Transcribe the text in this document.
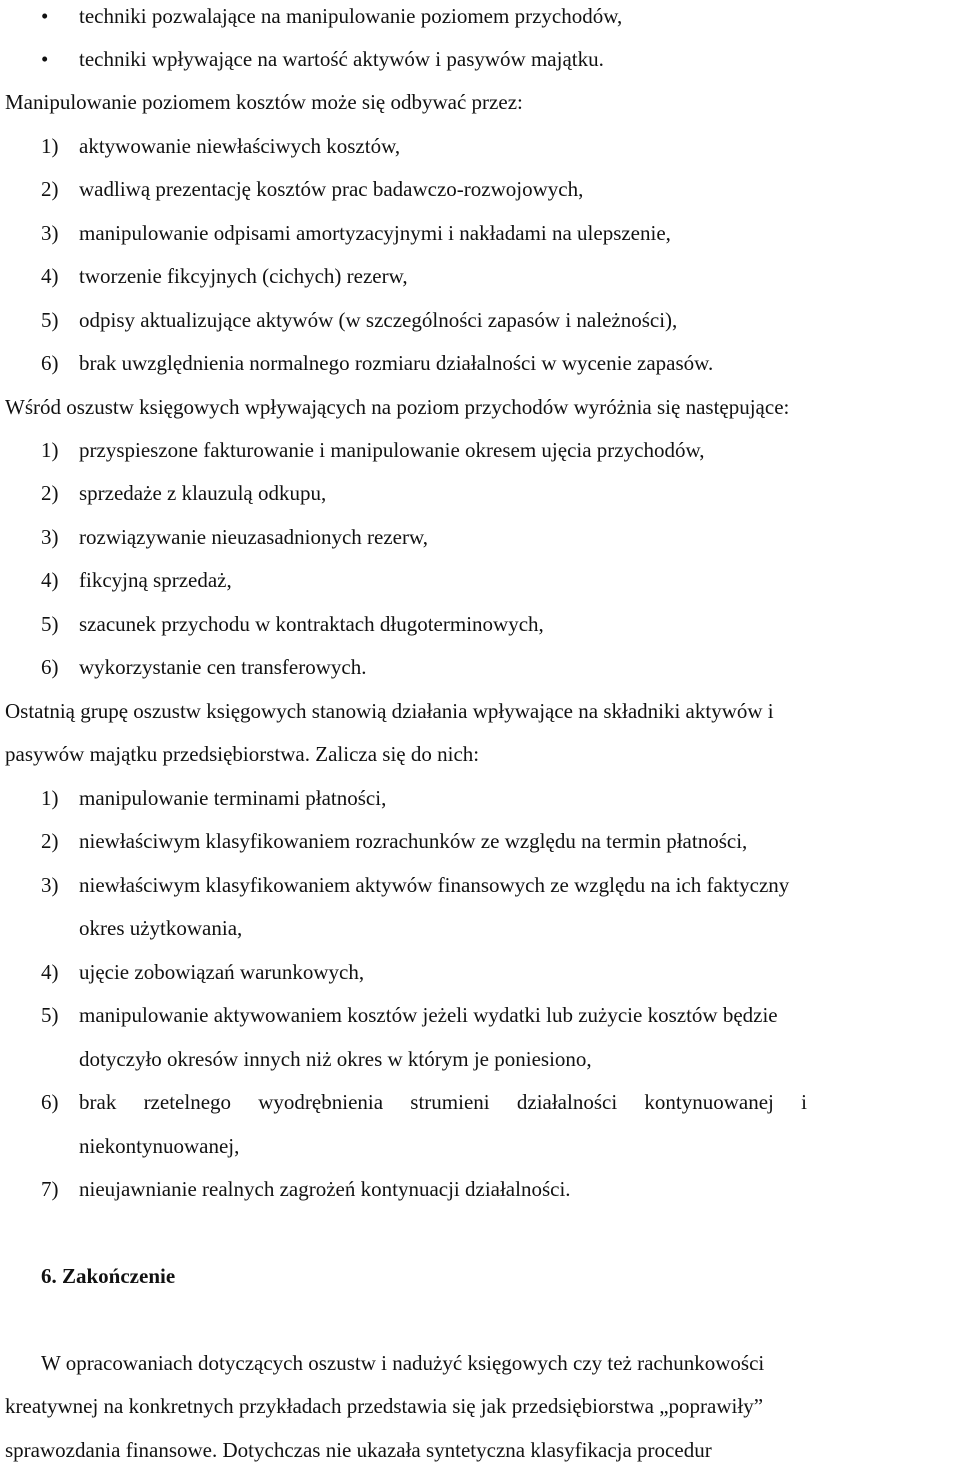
• techniki pozwalające na manipulowanie poziomem przychodów,
• techniki wpływające na wartość aktywów i pasywów majątku.
Manipulowanie poziomem kosztów może się odbywać przez:
1) aktywowanie niewłaściwych kosztów,
2) wadliwą prezentację kosztów prac badawczo-rozwojowych,
3) manipulowanie odpisami amortyzacyjnymi i nakładami na ulepszenie,
4) tworzenie fikcyjnych (cichych) rezerw,
5) odpisy aktualizujące aktywów (w szczególności zapasów i należności),
6) brak uwzględnienia normalnego rozmiaru działalności w wycenie zapasów.
Wśród oszustw księgowych wpływających na poziom przychodów wyróżnia się następujące:
1) przyspieszone fakturowanie i manipulowanie okresem ujęcia przychodów,
2) sprzedaże z klauzulą odkupu,
3) rozwiązywanie nieuzasadnionych rezerw,
4) fikcyjną sprzedaż,
5) szacunek przychodu w kontraktach długoterminowych,
6) wykorzystanie cen transferowych.
Ostatnią grupę oszustw księgowych stanowią działania wpływające na składniki aktywów i
pasywów majątku przedsiębiorstwa. Zalicza się do nich:
1) manipulowanie terminami płatności,
2) niewłaściwym klasyfikowaniem rozrachunków ze względu na termin płatności,
3) niewłaściwym klasyfikowaniem aktywów finansowych ze względu na ich faktyczny
okres użytkowania,
4) ujęcie zobowiązań warunkowych,
5) manipulowanie aktywowaniem kosztów jeżeli wydatki lub zużycie kosztów będzie
dotyczyło okresów innych niż okres w którym je poniesiono,
6) brak rzetelnego wyodrębnienia strumieni działalności kontynuowanej i
niekontynuowanej,
7) nieujawnianie realnych zagrożeń kontynuacji działalności.
6. Zakończenie
W opracowaniach dotyczących oszustw i nadużyć księgowych czy też rachunkowości
kreatywnej na konkretnych przykładach przedstawia się jak przedsiębiorstwa „poprawiły”
sprawozdania finansowe. Dotychczas nie ukazała syntetyczna klasyfikacja procedur
